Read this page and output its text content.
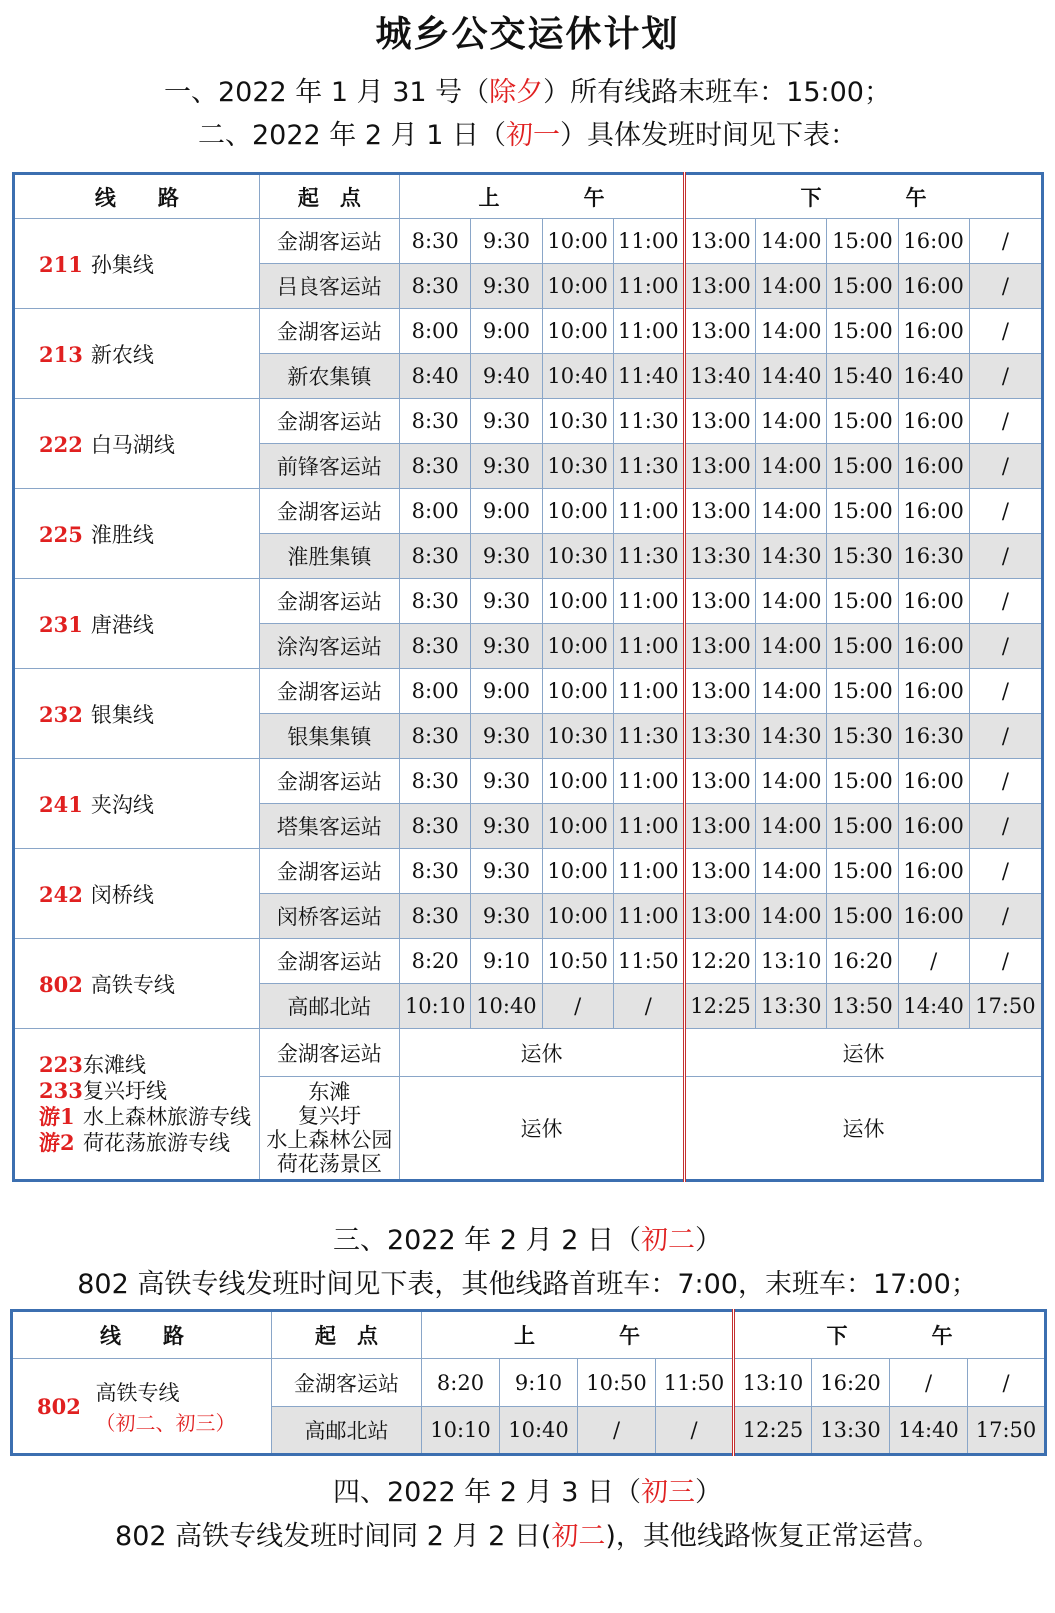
城乡公交运休计划
一、2022 年 1 月 31 号（除夕）所有线路末班车：15:00；
二、2022 年 2 月 1 日（初一）具体发班时间见下表：
线　　路	起　点	上　　　　午				下　　　　午				
211 孙集线	金湖客运站	8:30	9:30	10:00	11:00	13:00	14:00	15:00	16:00	/
	吕良客运站	8:30	9:30	10:00	11:00	13:00	14:00	15:00	16:00	/
213 新农线	金湖客运站	8:00	9:00	10:00	11:00	13:00	14:00	15:00	16:00	/
	新农集镇	8:40	9:40	10:40	11:40	13:40	14:40	15:40	16:40	/
222 白马湖线	金湖客运站	8:30	9:30	10:30	11:30	13:00	14:00	15:00	16:00	/
	前锋客运站	8:30	9:30	10:30	11:30	13:00	14:00	15:00	16:00	/
225 淮胜线	金湖客运站	8:00	9:00	10:00	11:00	13:00	14:00	15:00	16:00	/
	淮胜集镇	8:30	9:30	10:30	11:30	13:30	14:30	15:30	16:30	/
231 唐港线	金湖客运站	8:30	9:30	10:00	11:00	13:00	14:00	15:00	16:00	/
	涂沟客运站	8:30	9:30	10:00	11:00	13:00	14:00	15:00	16:00	/
232 银集线	金湖客运站	8:00	9:00	10:00	11:00	13:00	14:00	15:00	16:00	/
	银集集镇	8:30	9:30	10:30	11:30	13:30	14:30	15:30	16:30	/
241 夹沟线	金湖客运站	8:30	9:30	10:00	11:00	13:00	14:00	15:00	16:00	/
	塔集客运站	8:30	9:30	10:00	11:00	13:00	14:00	15:00	16:00	/
242 闵桥线	金湖客运站	8:30	9:30	10:00	11:00	13:00	14:00	15:00	16:00	/
	闵桥客运站	8:30	9:30	10:00	11:00	13:00	14:00	15:00	16:00	/
802 高铁专线	金湖客运站	8:20	9:10	10:50	11:50	12:20	13:10	16:20	/	/
	高邮北站	10:10	10:40	/	/	12:25	13:30	13:50	14:40	17:50

223东滩线
233复兴圩线
游1 水上森林旅游专线
游2 荷花荡旅游专线	金湖客运站	运休				运休				

	东滩
复兴圩
水上森林公园
荷花荡景区	运休				运休				
三、2022 年 2 月 2 日（初二）
802 高铁专线发班时间见下表，其他线路首班车：7:00，末班车：17:00；
线　　路	起　点	上　　　　午				下　　　　午			
802 高铁专线
（初二、初三）	金湖客运站	8:20	9:10	10:50	11:50	13:10	16:20	/	/
	高邮北站	10:10	10:40	/	/	12:25	13:30	14:40	17:50
四、2022 年 2 月 3 日（初三）
802 高铁专线发班时间同 2 月 2 日(初二)，其他线路恢复正常运营。
